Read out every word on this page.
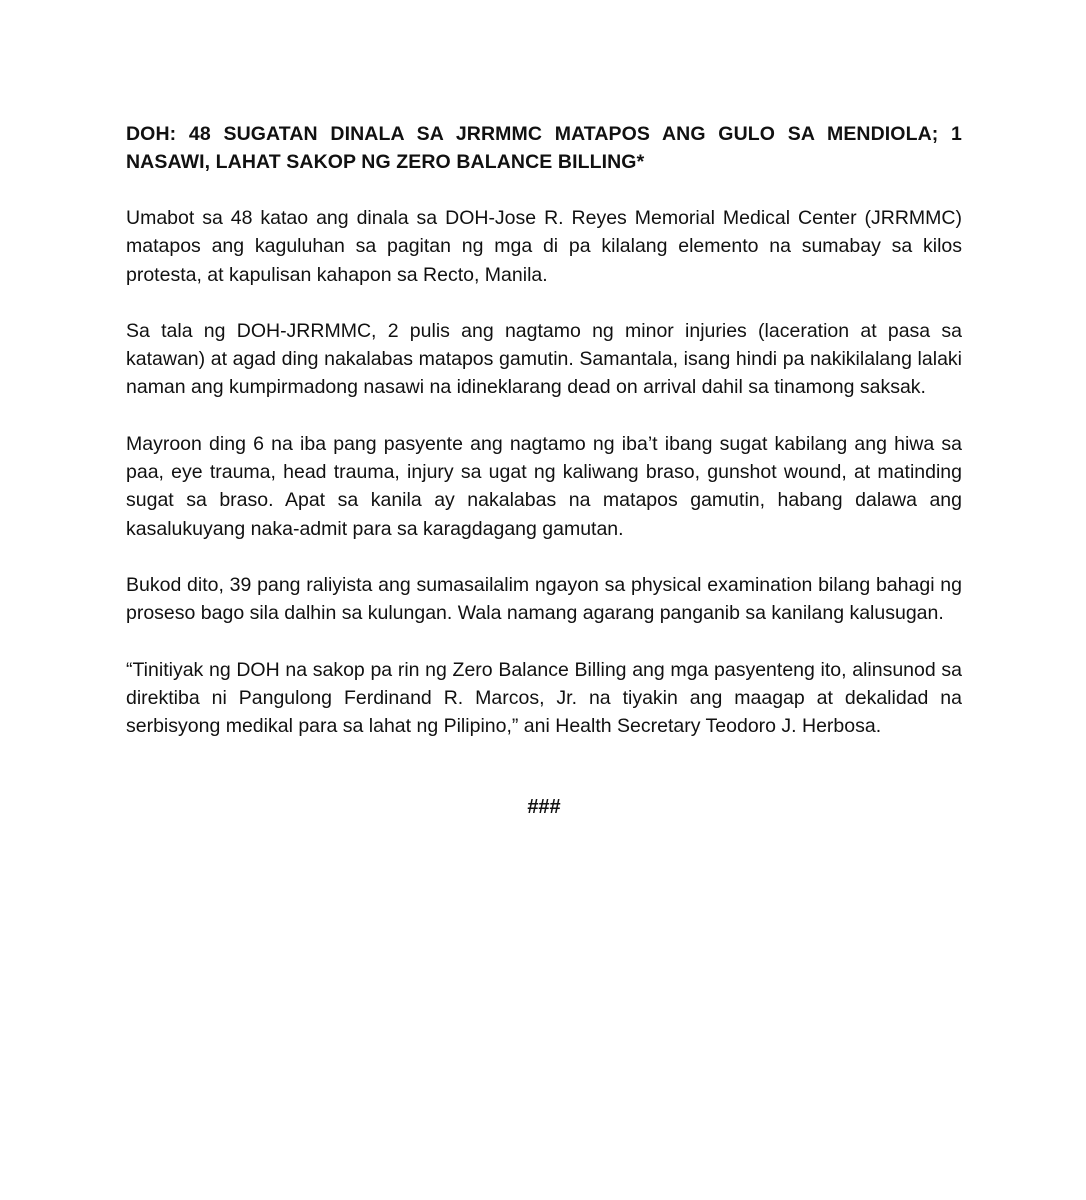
DOH: 48 SUGATAN DINALA SA JRRMMC MATAPOS ANG GULO SA MENDIOLA; 1 NASAWI, LAHAT SAKOP NG ZERO BALANCE BILLING*

Umabot sa 48 katao ang dinala sa DOH-Jose R. Reyes Memorial Medical Center (JRRMMC) matapos ang kaguluhan sa pagitan ng mga di pa kilalang elemento na sumabay sa kilos protesta, at kapulisan kahapon sa Recto, Manila.

Sa tala ng DOH-JRRMMC, 2 pulis ang nagtamo ng minor injuries (laceration at pasa sa katawan) at agad ding nakalabas matapos gamutin. Samantala, isang hindi pa nakikilalang lalaki naman ang kumpirmadong nasawi na idineklarang dead on arrival dahil sa tinamong saksak.

Mayroon ding 6 na iba pang pasyente ang nagtamo ng iba’t ibang sugat kabilang ang hiwa sa paa, eye trauma, head trauma, injury sa ugat ng kaliwang braso, gunshot wound, at matinding sugat sa braso. Apat sa kanila ay nakalabas na matapos gamutin, habang dalawa ang kasalukuyang naka-admit para sa karagdagang gamutan.

Bukod dito, 39 pang raliyista ang sumasailalim ngayon sa physical examination bilang bahagi ng proseso bago sila dalhin sa kulungan. Wala namang agarang panganib sa kanilang kalusugan.

“Tinitiyak ng DOH na sakop pa rin ng Zero Balance Billing ang mga pasyenteng ito, alinsunod sa direktiba ni Pangulong Ferdinand R. Marcos, Jr. na tiyakin ang maagap at dekalidad na serbisyong medikal para sa lahat ng Pilipino,” ani Health Secretary Teodoro J. Herbosa.

###
